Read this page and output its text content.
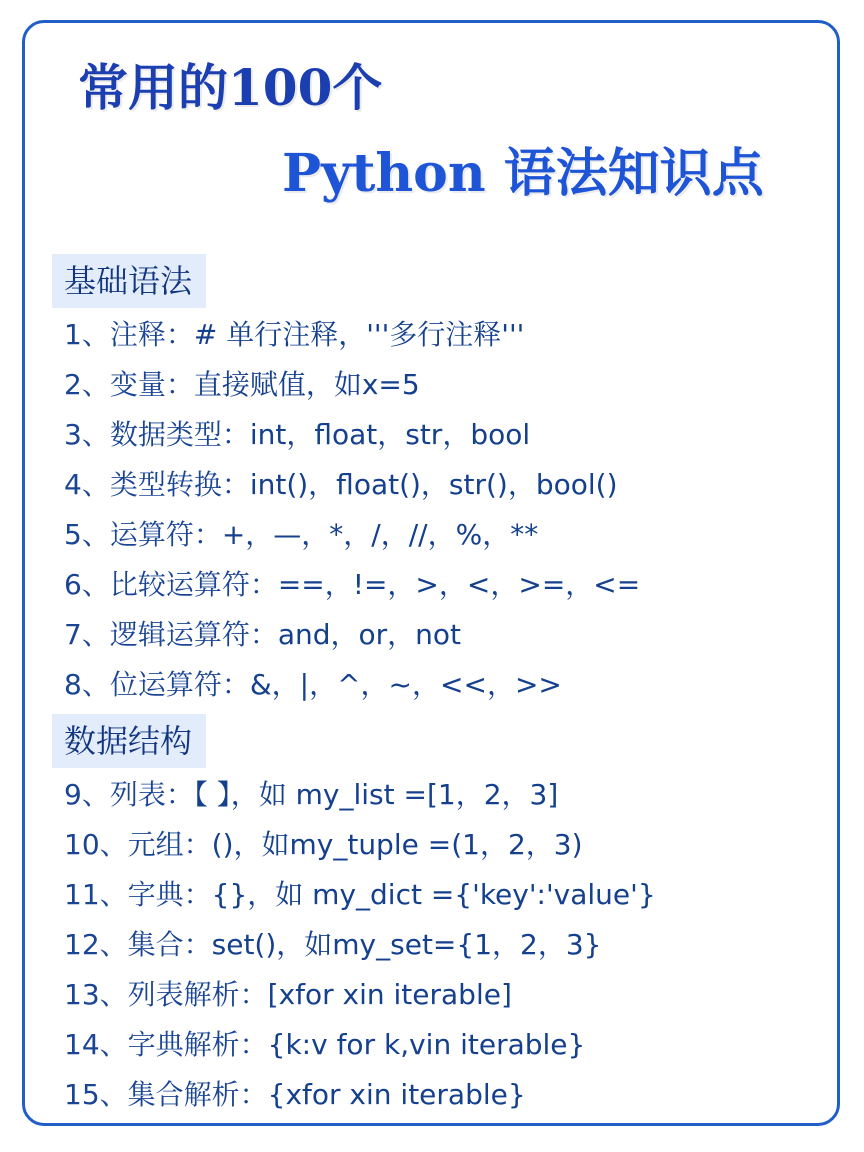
常用的100个
Python 语法知识点
基础语法
1、注释：# 单行注释，'''多行注释'''
2、变量：直接赋值，如x=5
3、数据类型：int，float，str，bool
4、类型转换：int()，float()，str()，bool()
5、运算符：+，—，*，/，//，%，**
6、比较运算符：==，!=，>，<，>=，<=
7、逻辑运算符：and，or，not
8、位运算符：&，|，^，~，<<，>>
数据结构
9、列表：【 】，如 my_list =[1，2，3]
10、元组：()，如my_tuple =(1，2，3)
11、字典：{}，如 my_dict ={'key':'value'}
12、集合：set()，如my_set={1，2，3}
13、列表解析：[xfor xin iterable]
14、字典解析：{k:v for k,vin iterable}
15、集合解析：{xfor xin iterable}
